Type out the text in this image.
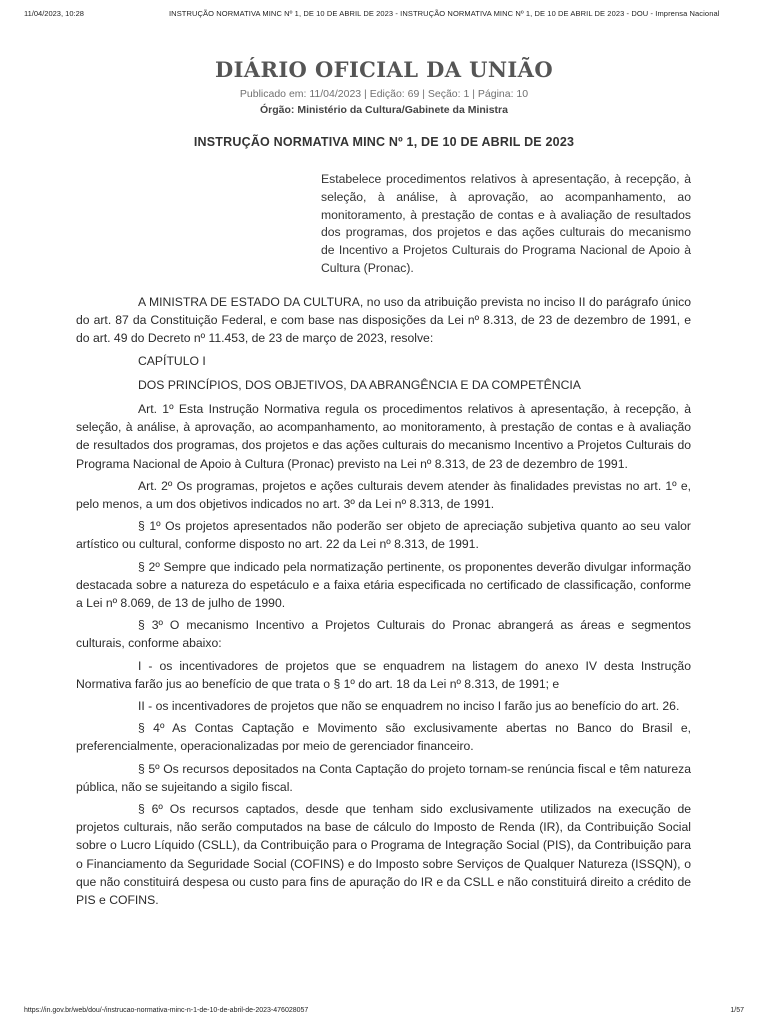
11/04/2023, 10:28	INSTRUÇÃO NORMATIVA MINC Nº 1, DE 10 DE ABRIL DE 2023 - INSTRUÇÃO NORMATIVA MINC Nº 1, DE 10 DE ABRIL DE 2023 - DOU - Imprensa Nacional
DIÁRIO OFICIAL DA UNIÃO
Publicado em: 11/04/2023 | Edição: 69 | Seção: 1 | Página: 10
Órgão: Ministério da Cultura/Gabinete da Ministra
INSTRUÇÃO NORMATIVA MINC Nº 1, DE 10 DE ABRIL DE 2023
Estabelece procedimentos relativos à apresentação, à recepção, à seleção, à análise, à aprovação, ao acompanhamento, ao monitoramento, à prestação de contas e à avaliação de resultados dos programas, dos projetos e das ações culturais do mecanismo de Incentivo a Projetos Culturais do Programa Nacional de Apoio à Cultura (Pronac).

A MINISTRA DE ESTADO DA CULTURA, no uso da atribuição prevista no inciso II do parágrafo único do art. 87 da Constituição Federal, e com base nas disposições da Lei nº 8.313, de 23 de dezembro de 1991, e do art. 49 do Decreto nº 11.453, de 23 de março de 2023, resolve:

CAPÍTULO I

DOS PRINCÍPIOS, DOS OBJETIVOS, DA ABRANGÊNCIA E DA COMPETÊNCIA

Art. 1º Esta Instrução Normativa regula os procedimentos relativos à apresentação, à recepção, à seleção, à análise, à aprovação, ao acompanhamento, ao monitoramento, à prestação de contas e à avaliação de resultados dos programas, dos projetos e das ações culturais do mecanismo Incentivo a Projetos Culturais do Programa Nacional de Apoio à Cultura (Pronac) previsto na Lei nº 8.313, de 23 de dezembro de 1991.

Art. 2º Os programas, projetos e ações culturais devem atender às finalidades previstas no art. 1º e, pelo menos, a um dos objetivos indicados no art. 3º da Lei nº 8.313, de 1991.

§ 1º Os projetos apresentados não poderão ser objeto de apreciação subjetiva quanto ao seu valor artístico ou cultural, conforme disposto no art. 22 da Lei nº 8.313, de 1991.

§ 2º Sempre que indicado pela normatização pertinente, os proponentes deverão divulgar informação destacada sobre a natureza do espetáculo e a faixa etária especificada no certificado de classificação, conforme a Lei nº 8.069, de 13 de julho de 1990.

§ 3º O mecanismo Incentivo a Projetos Culturais do Pronac abrangerá as áreas e segmentos culturais, conforme abaixo:

I - os incentivadores de projetos que se enquadrem na listagem do anexo IV desta Instrução Normativa farão jus ao benefício de que trata o § 1º do art. 18 da Lei nº 8.313, de 1991; e

II - os incentivadores de projetos que não se enquadrem no inciso I farão jus ao benefício do art. 26.

§ 4º As Contas Captação e Movimento são exclusivamente abertas no Banco do Brasil e, preferencialmente, operacionalizadas por meio de gerenciador financeiro.

§ 5º Os recursos depositados na Conta Captação do projeto tornam-se renúncia fiscal e têm natureza pública, não se sujeitando a sigilo fiscal.

§ 6º Os recursos captados, desde que tenham sido exclusivamente utilizados na execução de projetos culturais, não serão computados na base de cálculo do Imposto de Renda (IR), da Contribuição Social sobre o Lucro Líquido (CSLL), da Contribuição para o Programa de Integração Social (PIS), da Contribuição para o Financiamento da Seguridade Social (COFINS) e do Imposto sobre Serviços de Qualquer Natureza (ISSQN), o que não constituirá despesa ou custo para fins de apuração do IR e da CSLL e não constituirá direito a crédito de PIS e COFINS.

https://in.gov.br/web/dou/-/instrucao-normativa-minc-n-1-de-10-de-abril-de-2023-476028057	1/57
